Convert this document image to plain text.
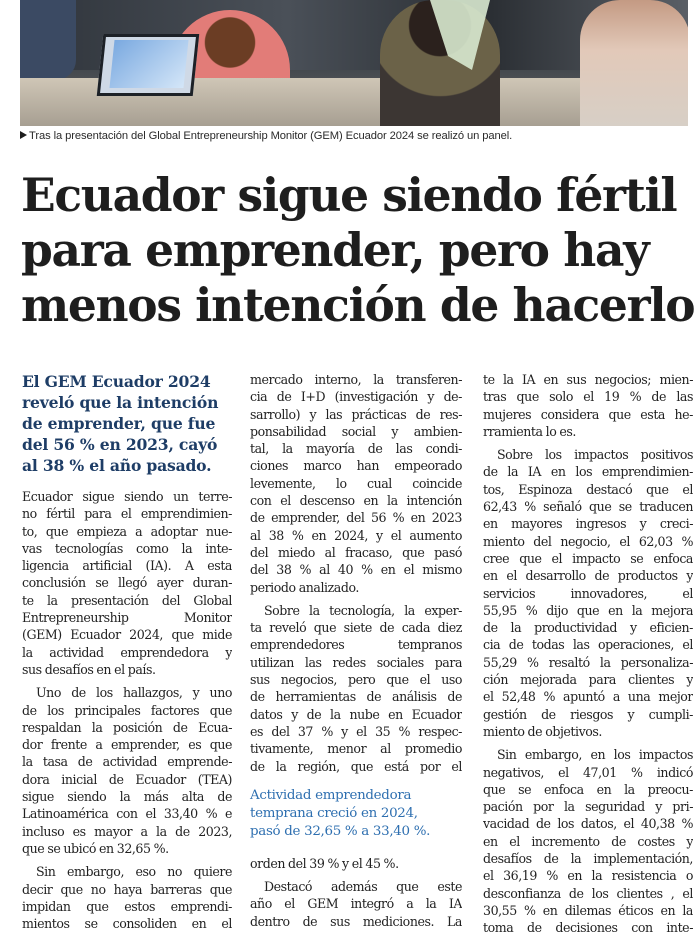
Tras la presentación del Global Entrepreneurship Monitor (GEM) Ecuador 2024 se realizó un panel.
Ecuador sigue siendo fértil
para emprender, pero hay
menos intención de hacerlo
El GEM Ecuador 2024
reveló que la intención
de emprender, que fue
del 56 % en 2023, cayó
al 38 % el año pasado.
Ecuador sigue siendo un terre-
no fértil para el emprendimien-
to, que empieza a adoptar nue-
vas tecnologías como la inte-
ligencia artificial (IA). A esta
conclusión se llegó ayer duran-
te la presentación del Global
Entrepreneurship Monitor
(GEM) Ecuador 2024, que mide
la actividad emprendedora y
sus desafíos en el país.
Uno de los hallazgos, y uno
de los principales factores que
respaldan la posición de Ecua-
dor frente a emprender, es que
la tasa de actividad emprende-
dora inicial de Ecuador (TEA)
sigue siendo la más alta de
Latinoamérica con el 33,40 % e
incluso es mayor a la de 2023,
que se ubicó en 32,65 %.
Sin embargo, eso no quiere
decir que no haya barreras que
impidan que estos emprendi-
mientos se consoliden en el
mercado interno, la transferen-
cia de I+D (investigación y de-
sarrollo) y las prácticas de res-
ponsabilidad social y ambien-
tal, la mayoría de las condi-
ciones marco han empeorado
levemente, lo cual coincide
con el descenso en la intención
de emprender, del 56 % en 2023
al 38 % en 2024, y el aumento
del miedo al fracaso, que pasó
del 38 % al 40 % en el mismo
periodo analizado.
Sobre la tecnología, la exper-
ta reveló que siete de cada diez
emprendedores tempranos
utilizan las redes sociales para
sus negocios, pero que el uso
de herramientas de análisis de
datos y de la nube en Ecuador
es del 37 % y el 35 % respec-
tivamente, menor al promedio
de la región, que está por el
Actividad emprendedora
temprana creció en 2024,
pasó de 32,65 % a 33,40 %.
orden del 39 % y el 45 %.
Destacó además que este
año el GEM integró a la IA
dentro de sus mediciones. La
te la IA en sus negocios; mien-
tras que solo el 19 % de las
mujeres considera que esta he-
rramienta lo es.
Sobre los impactos positivos
de la IA en los emprendimien-
tos, Espinoza destacó que el
62,43 % señaló que se traducen
en mayores ingresos y creci-
miento del negocio, el 62,03 %
cree que el impacto se enfoca
en el desarrollo de productos y
servicios innovadores, el
55,95 % dijo que en la mejora
de la productividad y eficien-
cia de todas las operaciones, el
55,29 % resaltó la personaliza-
ción mejorada para clientes y
el 52,48 % apuntó a una mejor
gestión de riesgos y cumpli-
miento de objetivos.
Sin embargo, en los impactos
negativos, el 47,01 % indicó
que se enfoca en la preocu-
pación por la seguridad y pri-
vacidad de los datos, el 40,38 %
en el incremento de costes y
desafíos de la implementación,
el 36,19 % en la resistencia o
desconfianza de los clientes , el
30,55 % en dilemas éticos en la
toma de decisiones con inte-
